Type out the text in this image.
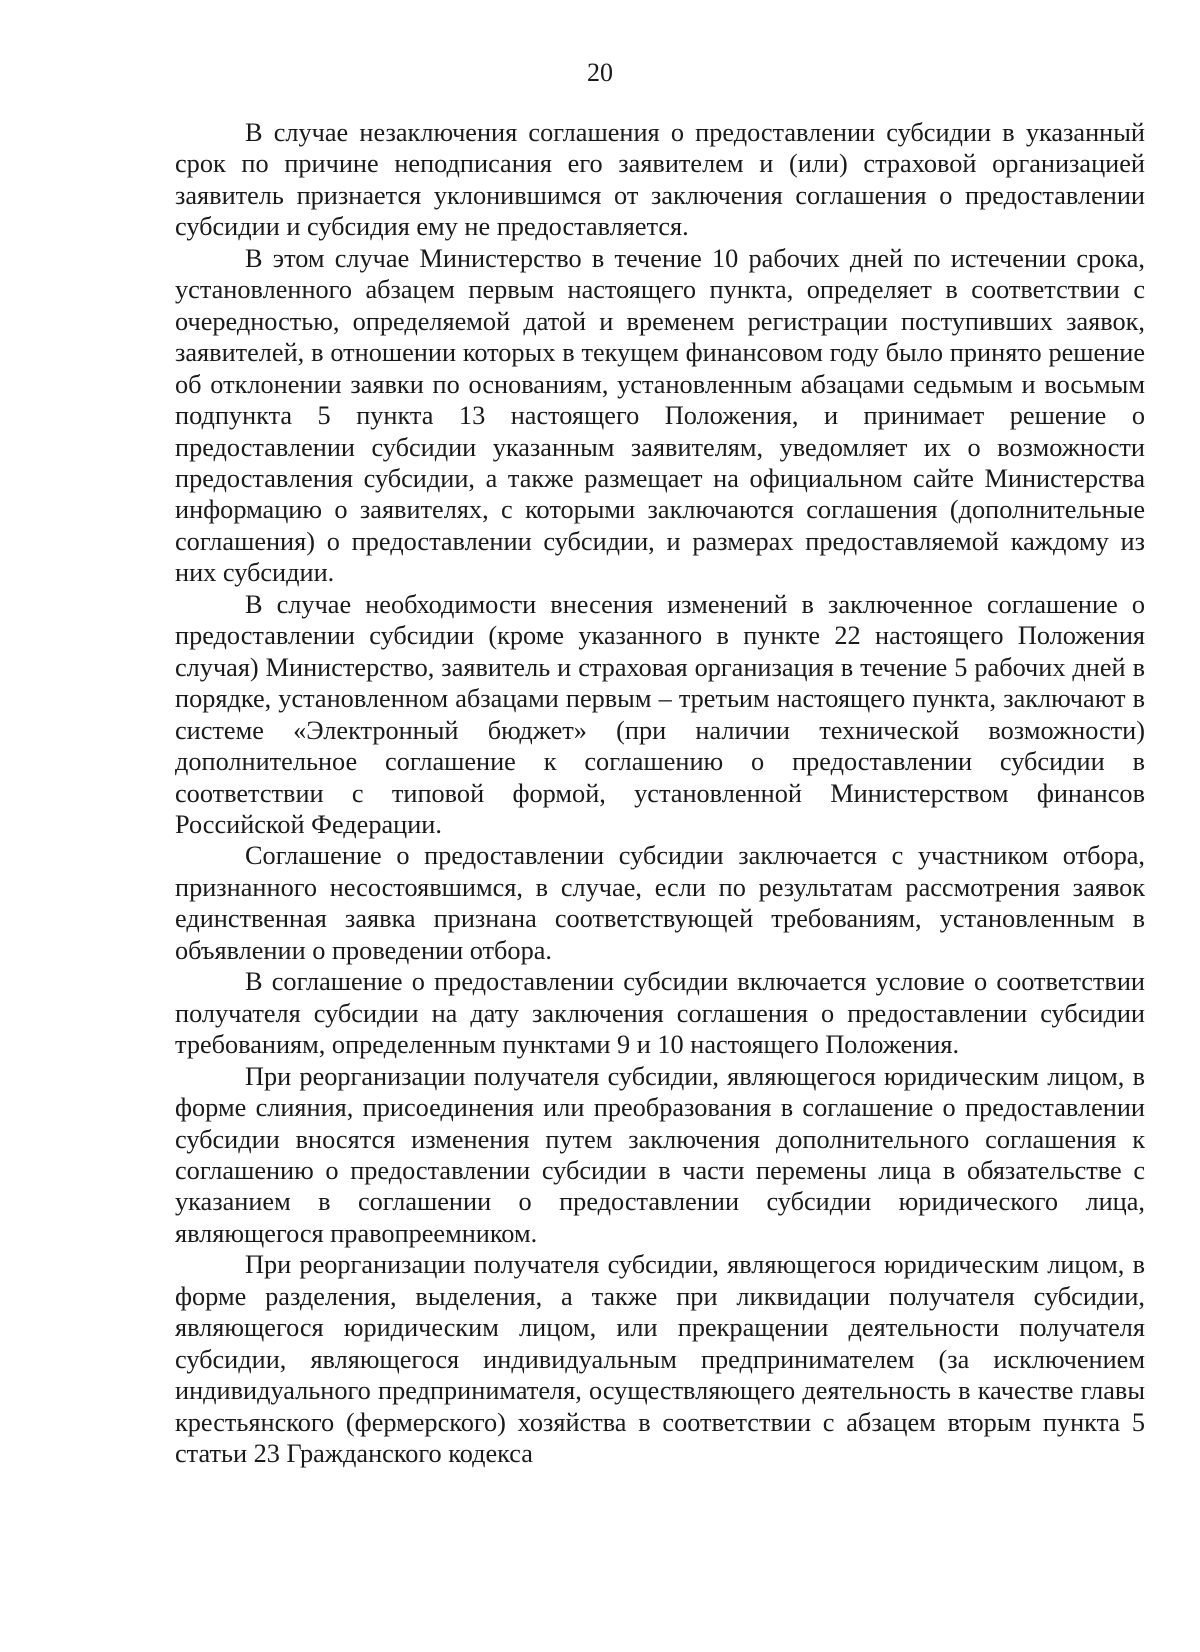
20

В случае незаключения соглашения о предоставлении субсидии в указанный срок по причине неподписания его заявителем и (или) страховой организацией заявитель признается уклонившимся от заключения соглашения о предоставлении субсидии и субсидия ему не предоставляется.

В этом случае Министерство в течение 10 рабочих дней по истечении срока, установленного абзацем первым настоящего пункта, определяет в соответствии с очередностью, определяемой датой и временем регистрации поступивших заявок, заявителей, в отношении которых в текущем финансовом году было принято решение об отклонении заявки по основаниям, установленным абзацами седьмым и восьмым подпункта 5 пункта 13 настоящего Положения, и принимает решение о предоставлении субсидии указанным заявителям, уведомляет их о возможности предоставления субсидии, а также размещает на официальном сайте Министерства информацию о заявителях, с которыми заключаются соглашения (дополнительные соглашения) о предоставлении субсидии, и размерах предоставляемой каждому из них субсидии.

В случае необходимости внесения изменений в заключенное соглашение о предоставлении субсидии (кроме указанного в пункте 22 настоящего Положения случая) Министерство, заявитель и страховая организация в течение 5 рабочих дней в порядке, установленном абзацами первым – третьим настоящего пункта, заключают в системе «Электронный бюджет» (при наличии технической возможности) дополнительное соглашение к соглашению о предоставлении субсидии в соответствии с типовой формой, установленной Министерством финансов Российской Федерации.

Соглашение о предоставлении субсидии заключается с участником отбора, признанного несостоявшимся, в случае, если по результатам рассмотрения заявок единственная заявка признана соответствующей требованиям, установленным в объявлении о проведении отбора.

В соглашение о предоставлении субсидии включается условие о соответствии получателя субсидии на дату заключения соглашения о предоставлении субсидии требованиям, определенным пунктами 9 и 10 настоящего Положения.

При реорганизации получателя субсидии, являющегося юридическим лицом, в форме слияния, присоединения или преобразования в соглашение о предоставлении субсидии вносятся изменения путем заключения дополнительного соглашения к соглашению о предоставлении субсидии в части перемены лица в обязательстве с указанием в соглашении о предоставлении субсидии юридического лица, являющегося правопреемником.

При реорганизации получателя субсидии, являющегося юридическим лицом, в форме разделения, выделения, а также при ликвидации получателя субсидии, являющегося юридическим лицом, или прекращении деятельности получателя субсидии, являющегося индивидуальным предпринимателем (за исключением индивидуального предпринимателя, осуществляющего деятельность в качестве главы крестьянского (фермерского) хозяйства в соответствии с абзацем вторым пункта 5 статьи 23 Гражданского кодекса
